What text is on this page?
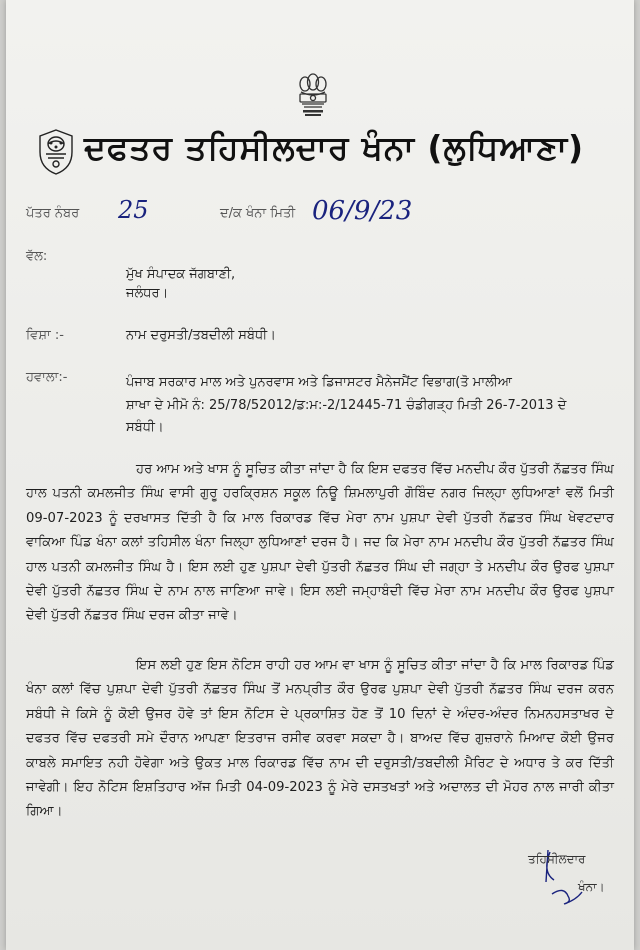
ਦਫਤਰ ਤਹਿਸੀਲਦਾਰ ਖੰਨਾ (ਲੁਧਿਆਣਾ)
ਪੱਤਰ ਨੰਬਰ 25	ਦ/ਕ ਖੰਨਾ ਮਿਤੀ 06/9/23
ਵੱਲ:
ਮੁੱਖ ਸੰਪਾਦਕ ਜੱਗਬਾਣੀ,
ਜਲੰਧਰ।
ਵਿਸ਼ਾ :-	ਨਾਮ ਦਰੁਸਤੀ/ਤਬਦੀਲੀ ਸਬੰਧੀ।
ਹਵਾਲਾ:-	ਪੰਜਾਬ ਸਰਕਾਰ ਮਾਲ ਅਤੇ ਪੁਨਰਵਾਸ ਅਤੇ ਡਿਜਾਸਟਰ ਮੈਨੇਜਮੈਂਟ ਵਿਭਾਗ(ਤੋ ਮਾਲੀਆ
ਸ਼ਾਖਾ ਦੇ ਮੀਮੋ ਨੰ: 25/78/52012/ਡ:ਮ:-2/12445-71 ਚੰਡੀਗੜ੍ਹ ਮਿਤੀ 26-7-2013 ਦੇ
ਸਬੰਧੀ।

ਹਰ ਆਮ ਅਤੇ ਖਾਸ ਨੂੰ ਸੂਚਿਤ ਕੀਤਾ ਜਾਂਦਾ ਹੈ ਕਿ ਇਸ ਦਫਤਰ ਵਿੱਚ ਮਨਦੀਪ ਕੌਰ ਪੁੱਤਰੀ ਨੱਛਤਰ ਸਿੰਘ ਹਾਲ ਪਤਨੀ ਕਮਲਜੀਤ ਸਿੰਘ ਵਾਸੀ ਗੁਰੂ ਹਰਕ੍ਰਿਸ਼ਨ ਸਕੂਲ ਨਿਊ ਸ਼ਿਮਲਾਪੁਰੀ ਗੋਬਿੰਦ ਨਗਰ ਜਿਲ੍ਹਾ ਲੁਧਿਆਣਾਂ ਵਲੋਂ ਮਿਤੀ 09-07-2023 ਨੂੰ ਦਰਖਾਸਤ ਦਿੱਤੀ ਹੈ ਕਿ ਮਾਲ ਰਿਕਾਰਡ ਵਿੱਚ ਮੇਰਾ ਨਾਮ ਪੁਸ਼ਪਾ ਦੇਵੀ ਪੁੱਤਰੀ ਨੱਛਤਰ ਸਿੰਘ ਖੇਵਟਦਾਰ ਵਾਕਿਆ ਪਿੰਡ ਖੰਨਾ ਕਲਾਂ ਤਹਿਸੀਲ ਖੰਨਾ ਜਿਲ੍ਹਾ ਲੁਧਿਆਣਾਂ ਦਰਜ ਹੈ। ਜਦ ਕਿ ਮੇਰਾ ਨਾਮ ਮਨਦੀਪ ਕੌਰ ਪੁੱਤਰੀ ਨੱਛਤਰ ਸਿੰਘ ਹਾਲ ਪਤਨੀ ਕਮਲਜੀਤ ਸਿੰਘ ਹੈ। ਇਸ ਲਈ ਹੁਣ ਪੁਸ਼ਪਾ ਦੇਵੀ ਪੁੱਤਰੀ ਨੱਛਤਰ ਸਿੰਘ ਦੀ ਜਗ੍ਹਾ ਤੇ ਮਨਦੀਪ ਕੌਰ ਉਰਫ ਪੁਸ਼ਪਾ ਦੇਵੀ ਪੁੱਤਰੀ ਨੱਛਤਰ ਸਿੰਘ ਦੇ ਨਾਮ ਨਾਲ ਜਾਣਿਆ ਜਾਵੇ। ਇਸ ਲਈ ਜਮ੍ਹਾਬੰਦੀ ਵਿੱਚ ਮੇਰਾ ਨਾਮ ਮਨਦੀਪ ਕੌਰ ਉਰਫ ਪੁਸ਼ਪਾ ਦੇਵੀ ਪੁੱਤਰੀ ਨੱਛਤਰ ਸਿੰਘ ਦਰਜ ਕੀਤਾ ਜਾਵੇ।

ਇਸ ਲਈ ਹੁਣ ਇਸ ਨੋਟਿਸ ਰਾਹੀ ਹਰ ਆਮ ਵਾ ਖਾਸ ਨੂੰ ਸੂਚਿਤ ਕੀਤਾ ਜਾਂਦਾ ਹੈ ਕਿ ਮਾਲ ਰਿਕਾਰਡ ਪਿੰਡ ਖੰਨਾ ਕਲਾਂ ਵਿੱਚ ਪੁਸ਼ਪਾ ਦੇਵੀ ਪੁੱਤਰੀ ਨੱਛਤਰ ਸਿੰਘ ਤੋਂ ਮਨਪ੍ਰੀਤ ਕੌਰ ਉਰਫ ਪੁਸ਼ਪਾ ਦੇਵੀ ਪੁੱਤਰੀ ਨੱਛਤਰ ਸਿੰਘ ਦਰਜ ਕਰਨ ਸਬੰਧੀ ਜੇ ਕਿਸੇ ਨੂੰ ਕੋਈ ਉਜਰ ਹੋਵੇ ਤਾਂ ਇਸ ਨੋਟਿਸ ਦੇ ਪ੍ਰਕਾਸ਼ਿਤ ਹੋਣ ਤੋਂ 10 ਦਿਨਾਂ ਦੇ ਅੰਦਰ-ਅੰਦਰ ਨਿਮਨਹਸਤਾਖਰ ਦੇ ਦਫਤਰ ਵਿੱਚ ਦਫਤਰੀ ਸਮੇ ਦੌਰਾਨ ਆਪਣਾ ਇਤਰਾਜ ਰਸੀਵ ਕਰਵਾ ਸਕਦਾ ਹੈ। ਬਾਅਦ ਵਿੱਚ ਗੁਜ਼ਰਾਨੇ ਮਿਆਦ ਕੋਈ ਉਜਰ ਕਾਬਲੇ ਸਮਾਇਤ ਨਹੀ ਹੋਵੇਗਾ ਅਤੇ ਉਕਤ ਮਾਲ ਰਿਕਾਰਡ ਵਿੱਚ ਨਾਮ ਦੀ ਦਰੁਸਤੀ/ਤਬਦੀਲੀ ਮੈਰਿਟ ਦੇ ਅਧਾਰ ਤੇ ਕਰ ਦਿੱਤੀ ਜਾਵੇਗੀ। ਇਹ ਨੋਟਿਸ ਇਸ਼ਤਿਹਾਰ ਅੱਜ ਮਿਤੀ 04-09-2023 ਨੂੰ ਮੇਰੇ ਦਸਤਖਤਾਂ ਅਤੇ ਅਦਾਲਤ ਦੀ ਮੋਹਰ ਨਾਲ ਜਾਰੀ ਕੀਤਾ ਗਿਆ।

ਤਹਿਸੀਲਦਾਰ
ਖੰਨਾ।
